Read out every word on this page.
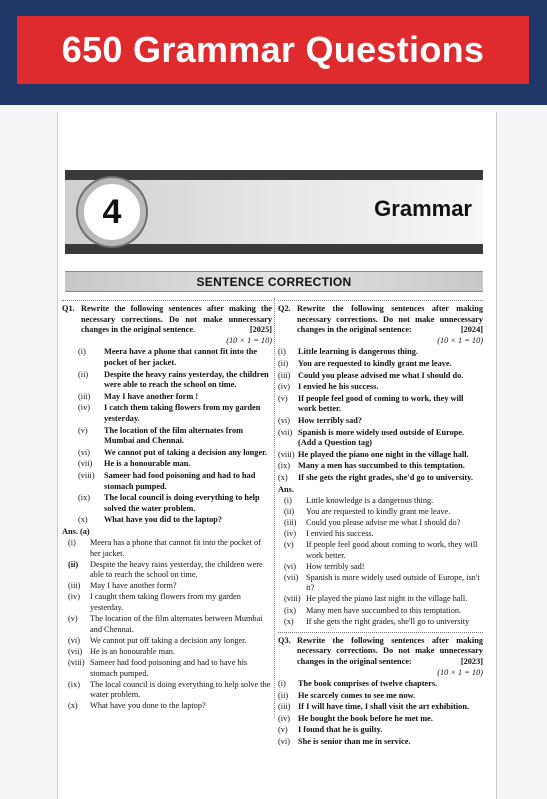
650 Grammar Questions
4	Grammar
SENTENCE CORRECTION
Q1. Rewrite the following sentences after making the necessary corrections. Do not make unnecessary changes in the original sentence.	[2025]
(10 × 1 = 10)
(i)	Meera have a phone that cannot fit into the pocket of her jacket.
(ii)	Despite the heavy rains yesterday, the children were able to reach the school on time.
(iii)	May I have another form !
(iv)	I catch them taking flowers from my garden yesterday.
(v)	The location of the film alternates from Mumbai and Chennai.
(vi)	We cannot put of taking a decision any longer.
(vii)	He is a honourable man.
(viii)	Sameer had food poisoning and had to had stomach pumped.
(ix)	The local council is doing everything to help solved the water problem.
(x)	What have you did to the laptop?
Ans. (a)
(i)	Meera has a phone that cannot fit into the pocket of her jacket.
(ii)	Despite the heavy rains yesterday, the children were able to reach the school on time.
(iii)	May I have another form?
(iv)	I caught them taking flowers from my garden yesterday.
(v)	The location of the film alternates between Mumbai and Chennai.
(vi)	We cannot put off taking a decision any longer.
(vii) He is an honourable man.
(viii) Sameer had food poisoning and had to have his stomach pumped.
(ix)	The local council is doing everything to help solve the water problem.
(x)	What have you done to the laptop?
Q2. Rewrite the following sentences after making necessary corrections. Do not make unnecessary changes in the original sentence:	[2024]
(10 × 1 = 10)
(i)	Little learning is dangerous thing.
(ii)	You are requested to kindly grant me leave.
(iii) Could you please advised me what I should do.
(iv) I envied he his success.
(v)	If people feel good of coming to work, they will work better.
(vi) How terribly sad?
(vii) Spanish is more widely used outside of Europe. (Add a Question tag)
(viii) He played the piano one night in the village hall.
(ix) Many a men has succumbed to this temptation.
(x)	If she gets the right grades, she'd go to university.
Ans.
(i)	Little knowledge is a dangerous thing.
(ii)	You are requested to kindly grant me leave.
(iii)	Could you please advise me what I should do?
(iv)	I envied his success.
(v)	If people feel good about coming to work, they will work better.
(vi)	How terribly sad!
(vii) Spanish is more widely used outside of Europe, isn't it?
(viii) He played the piano last night in the village hall.
(ix)	Many men have succumbed to this temptation.
(x)	If she gets the right grades, she'll go to university
Q3. Rewrite the following sentences after making necessary corrections. Do not make unnecessary changes in the original sentence:	[2023]
(10 × 1 = 10)
(i)	The book comprises of twelve chapters.
(ii)	He scarcely comes to see me now.
(iii) If I will have time, I shall visit the art exhibition.
(iv) He bought the book before he met me.
(v)	I found that he is guilty.
(vi) She is senior than me in service.
